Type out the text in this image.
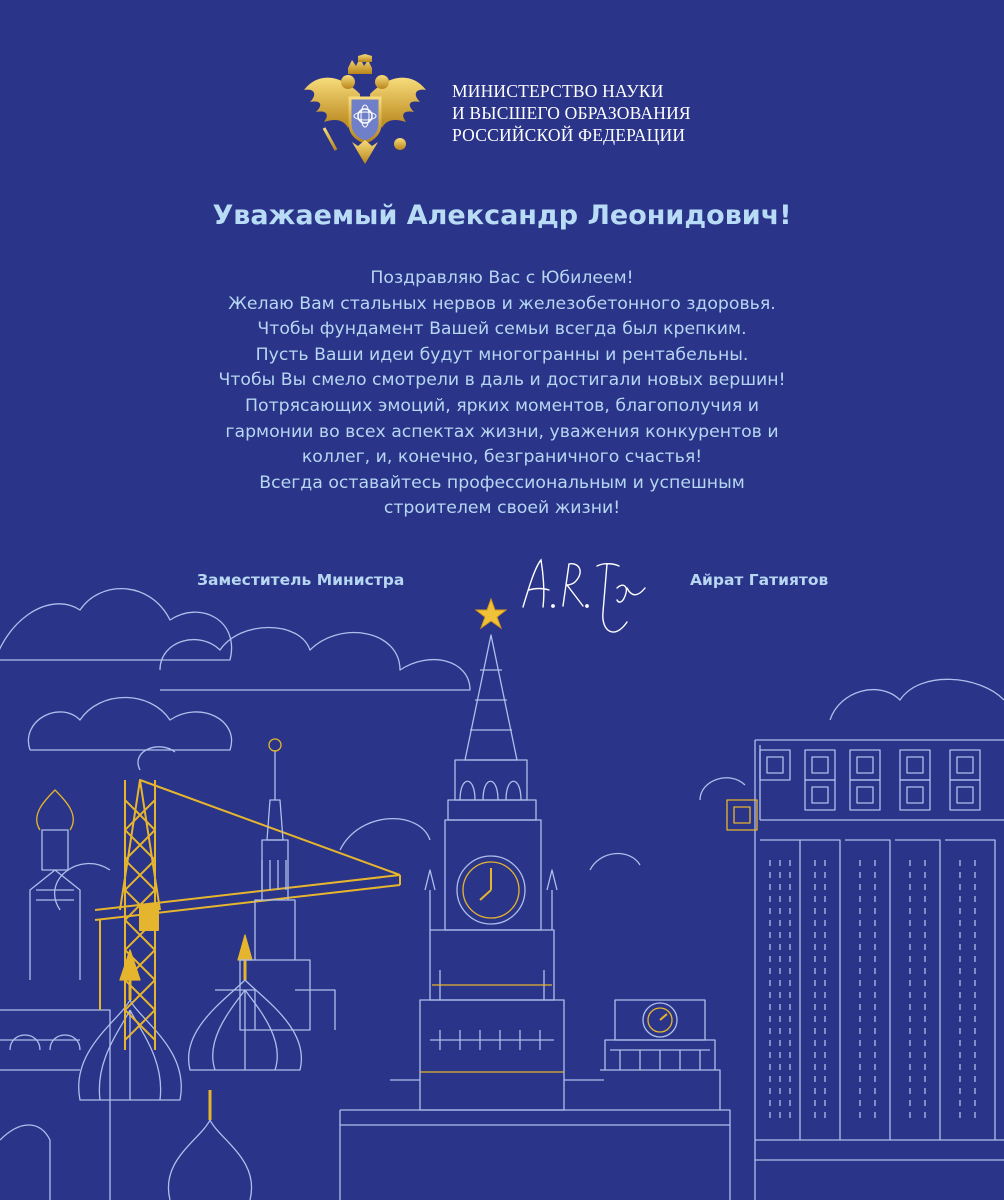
МИНИСТЕРСТВО НАУКИ
И ВЫСШЕГО ОБРАЗОВАНИЯ
РОССИЙСКОЙ ФЕДЕРАЦИИ
Уважаемый Александр Леонидович!
Поздравляю Вас с Юбилеем!
Желаю Вам стальных нервов и железобетонного здоровья.
Чтобы фундамент Вашей семьи всегда был крепким.
Пусть Ваши идеи будут многогранны и рентабельны.
Чтобы Вы смело смотрели в даль и достигали новых вершин!
Потрясающих эмоций, ярких моментов, благополучия и
гармонии во всех аспектах жизни, уважения конкурентов и
коллег, и, конечно, безграничного счастья!
Всегда оставайтесь профессиональным и успешным
строителем своей жизни!
Заместитель Министра	Айрат Гатиятов
